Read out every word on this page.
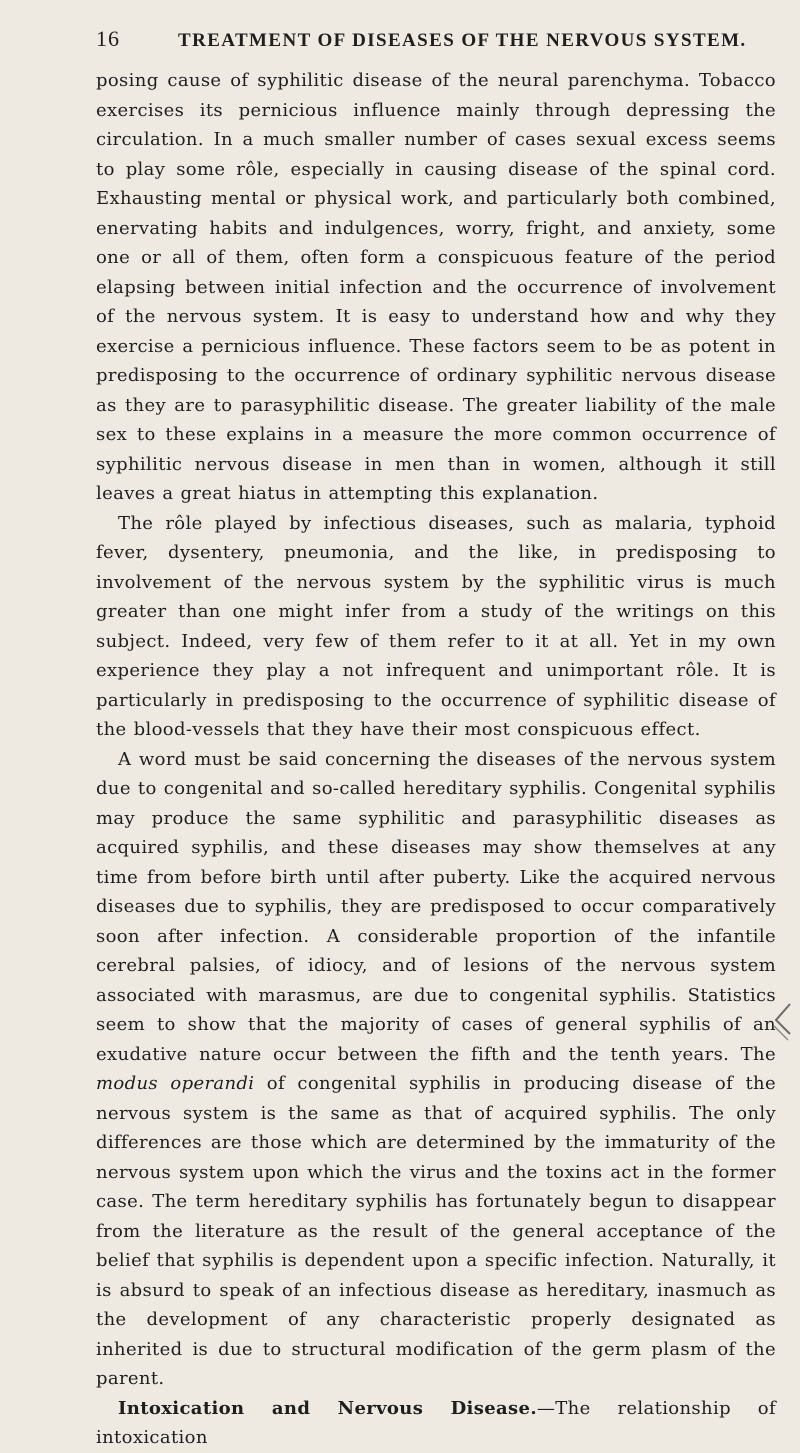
16	TREATMENT OF DISEASES OF THE NERVOUS SYSTEM.

posing cause of syphilitic disease of the neural parenchyma. Tobacco exercises its pernicious influence mainly through depressing the circulation. In a much smaller number of cases sexual excess seems to play some rôle, especially in causing disease of the spinal cord. Exhausting mental or physical work, and particularly both combined, enervating habits and indulgences, worry, fright, and anxiety, some one or all of them, often form a conspicuous feature of the period elapsing between initial infection and the occurrence of involvement of the nervous system. It is easy to understand how and why they exercise a pernicious influence. These factors seem to be as potent in predisposing to the occurrence of ordinary syphilitic nervous disease as they are to parasyphilitic disease. The greater liability of the male sex to these explains in a measure the more common occurrence of syphilitic nervous disease in men than in women, although it still leaves a great hiatus in attempting this explanation.

The rôle played by infectious diseases, such as malaria, typhoid fever, dysentery, pneumonia, and the like, in predisposing to involvement of the nervous system by the syphilitic virus is much greater than one might infer from a study of the writings on this subject. Indeed, very few of them refer to it at all. Yet in my own experience they play a not infrequent and unimportant rôle. It is particularly in predisposing to the occurrence of syphilitic disease of the blood-vessels that they have their most conspicuous effect.

A word must be said concerning the diseases of the nervous system due to congenital and so-called hereditary syphilis. Congenital syphilis may produce the same syphilitic and parasyphilitic diseases as acquired syphilis, and these diseases may show themselves at any time from before birth until after puberty. Like the acquired nervous diseases due to syphilis, they are predisposed to occur comparatively soon after infection. A considerable proportion of the infantile cerebral palsies, of idiocy, and of lesions of the nervous system associated with marasmus, are due to congenital syphilis. Statistics seem to show that the majority of cases of general syphilis of an exudative nature occur between the fifth and the tenth years. The modus operandi of congenital syphilis in producing disease of the nervous system is the same as that of acquired syphilis. The only differences are those which are determined by the immaturity of the nervous system upon which the virus and the toxins act in the former case. The term hereditary syphilis has fortunately begun to disappear from the literature as the result of the general acceptance of the belief that syphilis is dependent upon a specific infection. Naturally, it is absurd to speak of an infectious disease as hereditary, inasmuch as the development of any characteristic properly designated as inherited is due to structural modification of the germ plasm of the parent.

Intoxication and Nervous Disease.—The relationship of intoxication
